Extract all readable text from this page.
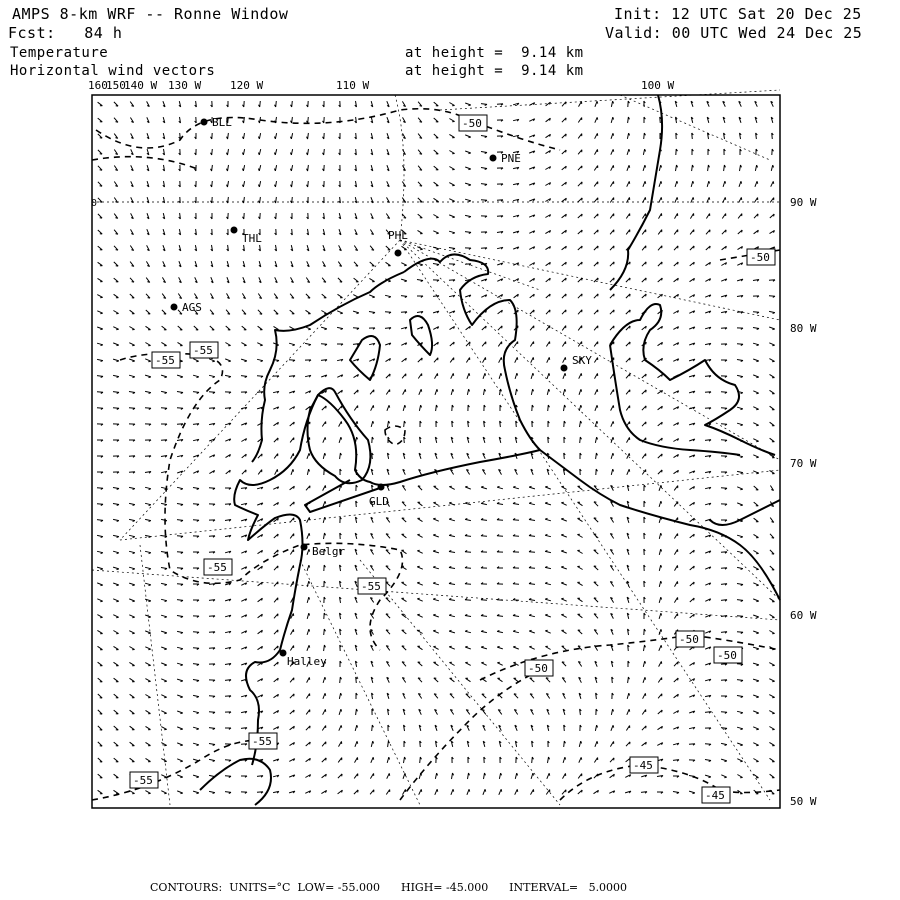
AMPS 8-km WRF -- Ronne Window
Fcst:   84 h
Temperature
Horizontal wind vectors
at height =  9.14 km
at height =  9.14 km
Init: 12 UTC Sat 20 Dec 25
Valid: 00 UTC Wed 24 Dec 25
-50
-50
-55
-55
-55
-55
-50
-50
-50
-55
-55
-45
-45
BLL
PNE
THL	PHL
AGS
SKY
GLD
Belgr
Halley
160
150
140 W 130 W	120 W	110 W	100 W
90 W
80 W
70 W
60 W
50 W
0
CONTOURS:  UNITS=°C  LOW= -55.000      HIGH= -45.000      INTERVAL=   5.0000
